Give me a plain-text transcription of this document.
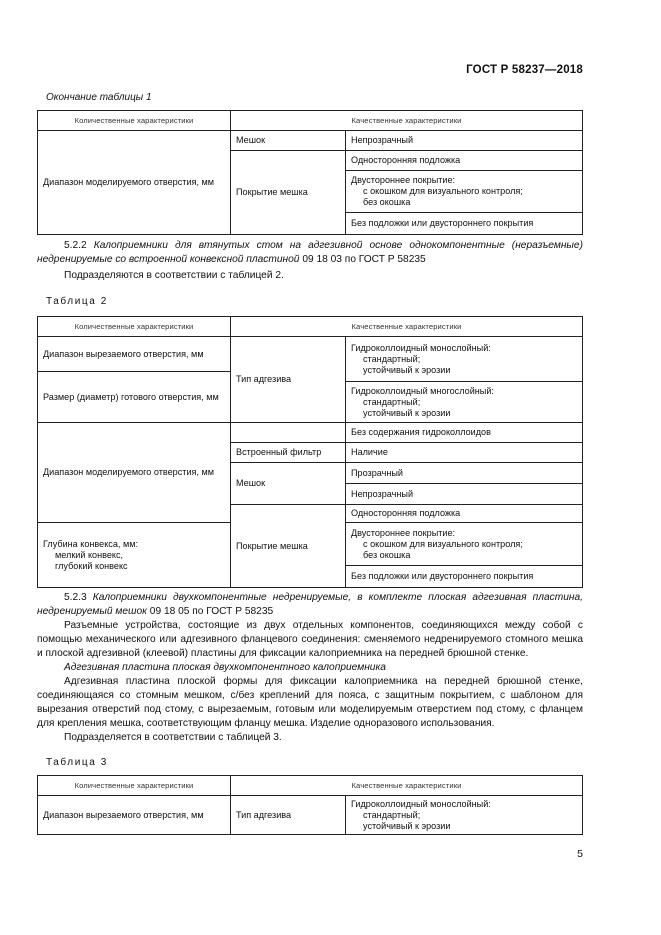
ГОСТ Р 58237—2018
Окончание таблицы 1
Количественные характеристики	Качественные характеристики	
Диапазон моделируемого отверстия, мм	Мешок	Непрозрачный
	Покрытие мешка	Односторонняя подложка

		Двустороннее покрытие:
с окошком для визуального контроля;
без окошка

		Без подложки или двустороннего покрытия
5.2.2 Калоприемники для втянутых стом на адгезивной основе однокомпонентные (неразъемные) недренируемые со встроенной конвексной пластиной 09 18 03 по ГОСТ Р 58235
Подразделяются в соответствии с таблицей 2.
Таблица 2
Количественные характеристики	Качественные характеристики	
Диапазон вырезаемого отверстия, мм	Тип адгезива	Гидроколлоидный монослойный:
стандартный;
устойчивый к эрозии

Размер (диаметр) готового отверстия, мм		

		Гидроколлоидный многослойный:
стандартный;
устойчивый к эрозии

Диапазон моделируемого отверстия, мм		Без содержания гидроколлоидов
	Встроенный фильтр	Наличие
	Мешок	Прозрачный
		Непрозрачный
	Покрытие мешка	Односторонняя подложка

Глубина конвекса, мм:
мелкий конвекс,
глубокий конвекс		Двустороннее покрытие:
с окошком для визуального контроля;
без окошка

		Без подложки или двустороннего покрытия
5.2.3 Калоприемники двухкомпонентные недренируемые, в комплекте плоская адгезивная пластина, недренируемый мешок 09 18 05 по ГОСТ Р 58235
Разъемные устройства, состоящие из двух отдельных компонентов, соединяющихся между собой с помощью механического или адгезивного фланцевого соединения: сменяемого недренируемого стомного мешка и плоской адгезивной (клеевой) пластины для фиксации калоприемника на передней брюшной стенке.
Адгезивная пластина плоская двухкомпонентного калоприемника
Адгезивная пластина плоской формы для фиксации калоприемника на передней брюшной стенке, соединяющаяся со стомным мешком, с/без креплений для пояса, с защитным покрытием, с шаблоном для вырезания отверстий под стому, с вырезаемым, готовым или моделируемым отверстием под стому, с фланцем для крепления мешка, соответствующим фланцу мешка. Изделие одноразового использования.
Подразделяется в соответствии с таблицей 3.
Таблица 3
Количественные характеристики	Качественные характеристики	
Диапазон вырезаемого отверстия, мм	Тип адгезива	Гидроколлоидный монослойный:
стандартный;
устойчивый к эрозии
5
